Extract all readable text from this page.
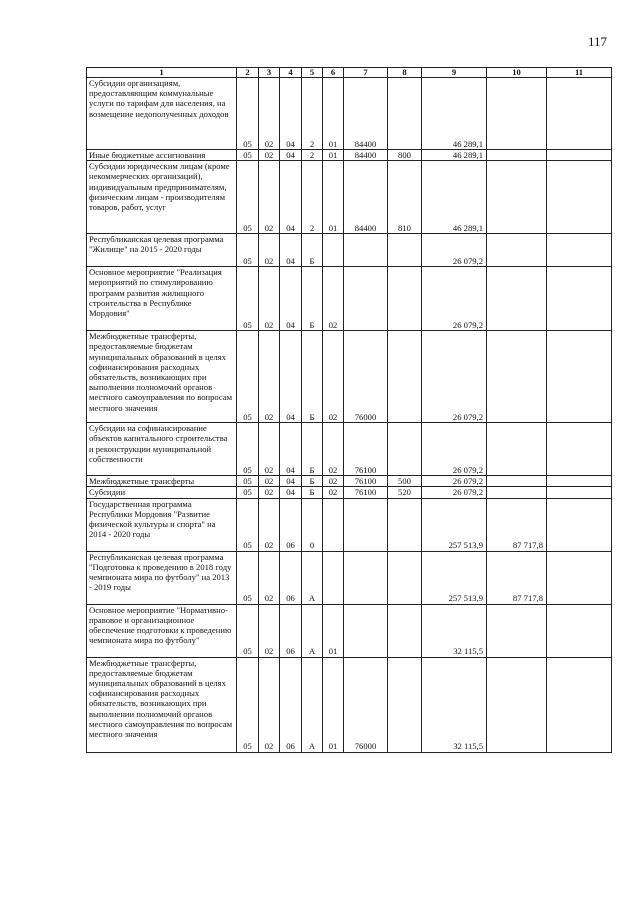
117
1	2	3	4	5	6	7	8	9	10	11
Субсидии организациям, предоставляющим коммунальные услуги по тарифам для населения, на возмещение недополученных доходов	05	02	04	2	01	84400		46 289,1		
Иные бюджетные ассигнования	05	02	04	2	01	84400	800	46 289,1		
Субсидии юридическим лицам (кроме некоммерческих организаций), индивидуальным предпринимателям, физическим лицам - производителям товаров, работ, услуг	05	02	04	2	01	84400	810	46 289,1		
Республиканская целевая программа "Жилище" на 2015 - 2020 годы	05	02	04	Б				26 079,2		
Основное мероприятие "Реализация мероприятий по стимулированию программ развития жилищного строительства в Республике Мордовия"	05	02	04	Б	02			26 079,2		
Межбюджетные трансферты, предоставляемые бюджетам муниципальных образований в целях софинансирования расходных обязательств, возникающих при выполнении полномочий органов местного самоуправления по вопросам местного значения	05	02	04	Б	02	76000		26 079,2		
Субсидии на софинансирование объектов капитального строительства и реконструкции муниципальной собственности	05	02	04	Б	02	76100		26 079,2		
Межбюджетные трансферты	05	02	04	Б	02	76100	500	26 079,2		
Субсидии	05	02	04	Б	02	76100	520	26 079,2		
Государственная программа Республики Мордовия "Развитие физической культуры и спорта" на 2014 - 2020 годы	05	02	06	0				257 513,9	87 717,8	
Республиканская целевая программа "Подготовка к проведению в 2018 году чемпионата мира по футболу" на 2013 - 2019 годы	05	02	06	А				257 513,9	87 717,8	
Основное мероприятие "Нормативно-правовое и организационное обеспечение подготовки к проведению чемпионата мира по футболу"	05	02	06	А	01			32 115,5		
Межбюджетные трансферты, предоставляемые бюджетам муниципальных образований в целях софинансирования расходных обязательств, возникающих при выполнении полномочий органов местного самоуправления по вопросам местного значения	05	02	06	А	01	76000		32 115,5		
